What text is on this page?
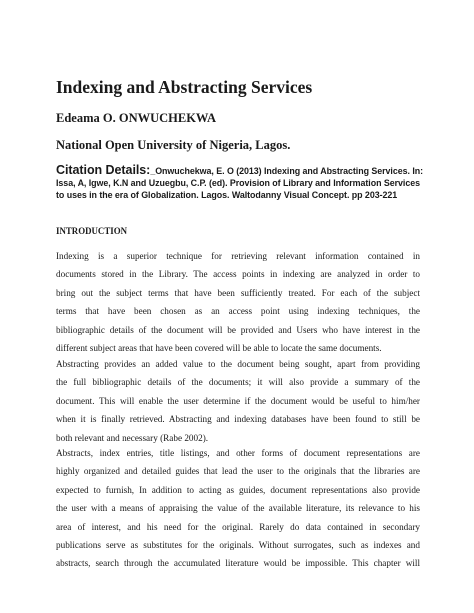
Indexing and Abstracting Services
Edeama O. ONWUCHEKWA
National Open University of Nigeria, Lagos.
Citation Details:_Onwuchekwa, E. O (2013) Indexing and Abstracting Services. In:
Issa, A, Igwe, K.N and Uzuegbu, C.P. (ed). Provision of Library and Information Services
to uses in the era of Globalization. Lagos. Waltodanny Visual Concept. pp 203-221
INTRODUCTION

Indexing is a superior technique for retrieving relevant information contained in
documents stored in the Library. The access points in indexing are analyzed in order to
bring out the subject terms that have been sufficiently treated. For each of the subject
terms that have been chosen as an access point using indexing techniques, the
bibliographic details of the document will be provided and Users who have interest in the
different subject areas that have been covered will be able to locate the same documents.

Abstracting provides an added value to the document being sought, apart from providing
the full bibliographic details of the documents; it will also provide a summary of the
document. This will enable the user determine if the document would be useful to him/her
when it is finally retrieved. Abstracting and indexing databases have been found to still be
both relevant and necessary (Rabe 2002).

Abstracts, index entries, title listings, and other forms of document representations are
highly organized and detailed guides that lead the user to the originals that the libraries are
expected to furnish, In addition to acting as guides, document representations also provide
the user with a means of appraising the value of the available literature, its relevance to his
area of interest, and his need for the original. Rarely do data contained in secondary
publications serve as substitutes for the originals. Without surrogates, such as indexes and
abstracts, search through the accumulated literature would be impossible. This chapter will
